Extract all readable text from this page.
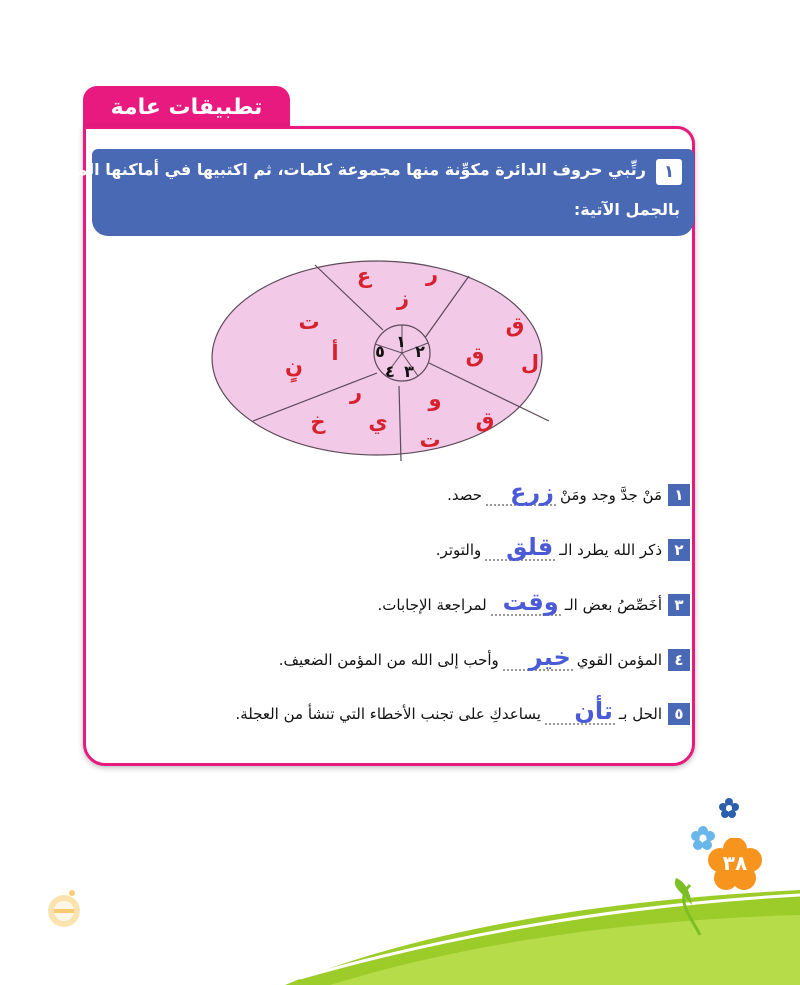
تطبيقات عامة
١
رتِّبي حروف الدائرة مكوِّنة منها مجموعة كلمات، ثم اكتبيها في أماكنها المناسبة
بالجمل الآتية:
١
٢
٣
٤
٥
ر
ع
ز
ق
ق ل
و
ق
ت
ر
ي
خ
ت
أ
نٍ
١
مَنْ جدَّ وجد ومَنْ
زرع
حصد.
٢
ذكر الله يطرد الـ
قلق
والتوتر.
٣
أخَصِّصُ بعض الـ
وقت
لمراجعة الإجابات.
٤
المؤمن القوي
خير
وأحب إلى الله من المؤمن الضعيف.
٥
الحل بـ
تأن
يساعدكِ على تجنب الأخطاء التي تنشأ من العجلة.
٣٨
